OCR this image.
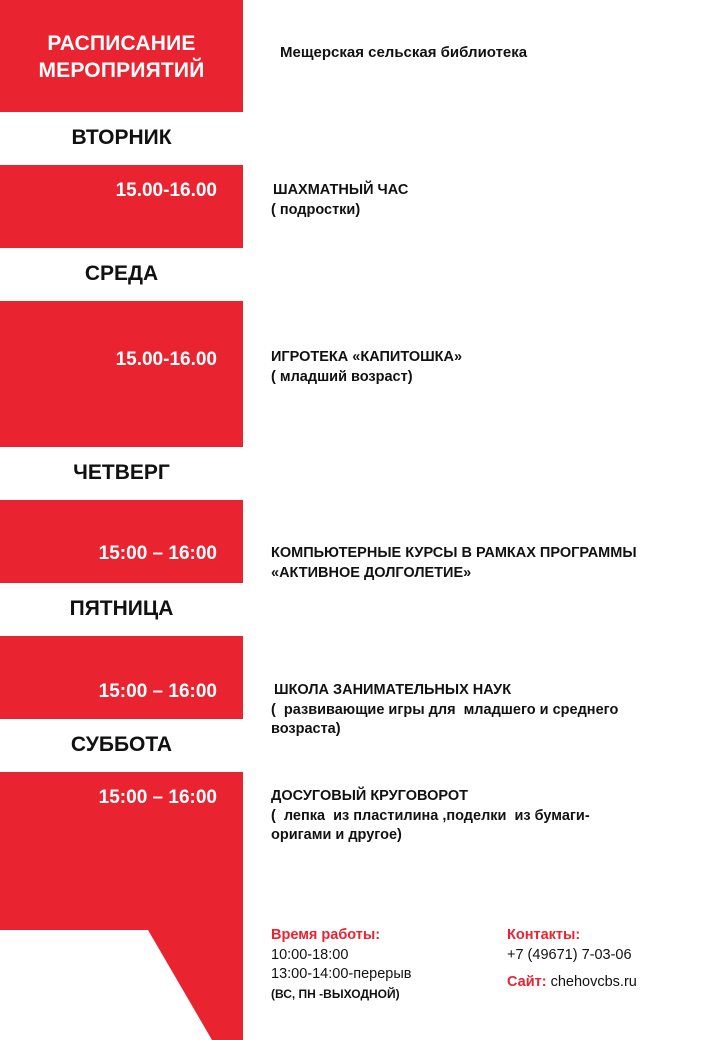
РАСПИСАНИЕ
МЕРОПРИЯТИЙ
Мещерская сельская библиотека
ВТОРНИК
15.00-16.00	ШАХМАТНЫЙ ЧАС
( подростки)
СРЕДА
15.00-16.00	ИГРОТЕКА «КАПИТОШКА»
( младший возраст)
ЧЕТВЕРГ
15:00 – 16:00	КОМПЬЮТЕРНЫЕ КУРСЫ В РАМКАХ ПРОГРАММЫ
«АКТИВНОЕ ДОЛГОЛЕТИЕ»
ПЯТНИЦА
15:00 – 16:00	ШКОЛА ЗАНИМАТЕЛЬНЫХ НАУК
(  развивающие игры для  младшего и среднего
возраста)
СУББОТА
15:00 – 16:00	ДОСУГОВЫЙ КРУГОВОРОТ
(  лепка  из пластилина ,поделки  из бумаги-
оригами и другое)
Время работы:
10:00-18:00
13:00-14:00-перерыв
(ВС, ПН -ВЫХОДНОЙ)
Контакты:
+7 (49671) 7-03-06
Сайт: chehovcbs.ru
